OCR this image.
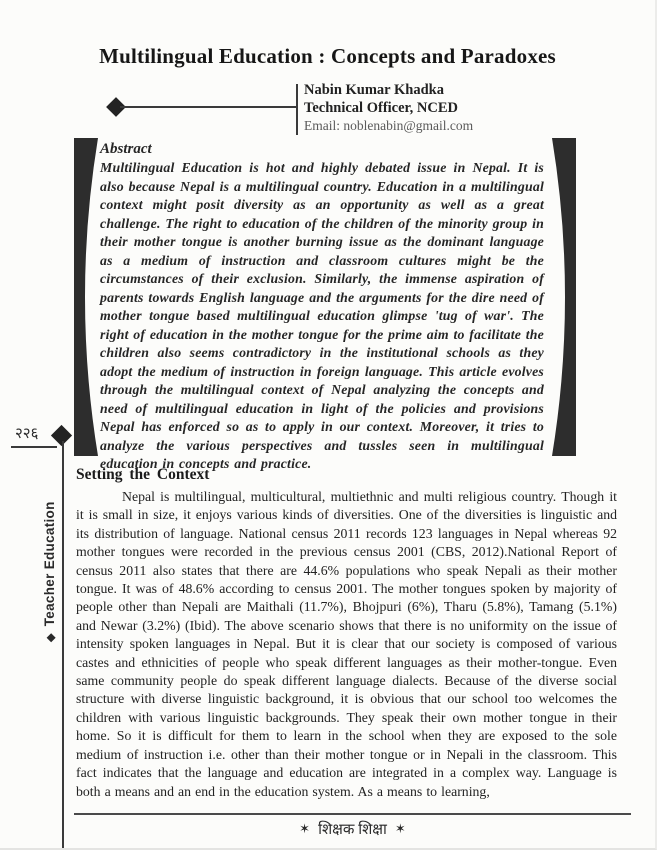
Multilingual Education : Concepts and Paradoxes
Nabin Kumar Khadka
Technical Officer, NCED
Email: noblenabin@gmail.com
Abstract
Multilingual Education is hot and highly debated issue in Nepal. It is also because Nepal is a multilingual country. Education in a multilingual context might posit diversity as an opportunity as well as a great challenge. The right to education of the children of the minority group in their mother tongue is another burning issue as the dominant language as a medium of instruction and classroom cultures might be the circumstances of their exclusion. Similarly, the immense aspiration of parents towards English language and the arguments for the dire need of mother tongue based multilingual education glimpse 'tug of war'. The right of education in the mother tongue for the prime aim to facilitate the children also seems contradictory in the institutional schools as they adopt the medium of instruction in foreign language. This article evolves through the multilingual context of Nepal analyzing the concepts and need of multilingual education in light of the policies and provisions Nepal has enforced so as to apply in our context. Moreover, it tries to analyze the various perspectives and tussles seen in multilingual education in concepts and practice.
२२६
◆Teacher Education
Setting the Context
Nepal is multilingual, multicultural, multiethnic and multi religious country. Though it it is small in size, it enjoys various kinds of diversities. One of the diversities is linguistic and its distribution of language. National census 2011 records 123 languages in Nepal whereas 92 mother tongues were recorded in the previous census 2001 (CBS, 2012).National Report of census 2011 also states that there are 44.6% populations who speak Nepali as their mother tongue. It was of 48.6% according to census 2001. The mother tongues spoken by majority of people other than Nepali are Maithali (11.7%), Bhojpuri (6%), Tharu (5.8%), Tamang (5.1%) and Newar (3.2%) (Ibid). The above scenario shows that there is no uniformity on the issue of intensity spoken languages in Nepal. But it is clear that our society is composed of various castes and ethnicities of people who speak different languages as their mother-tongue. Even same community people do speak different language dialects. Because of the diverse social structure with diverse linguistic background, it is obvious that our school too welcomes the children with various linguistic backgrounds. They speak their own mother tongue in their home. So it is difficult for them to learn in the school when they are exposed to the sole medium of instruction i.e. other than their mother tongue or in Nepali in the classroom. This fact indicates that the language and education are integrated in a complex way. Language is both a means and an end in the education system. As a means to learning,
✶ शिक्षक शिक्षा ✶
